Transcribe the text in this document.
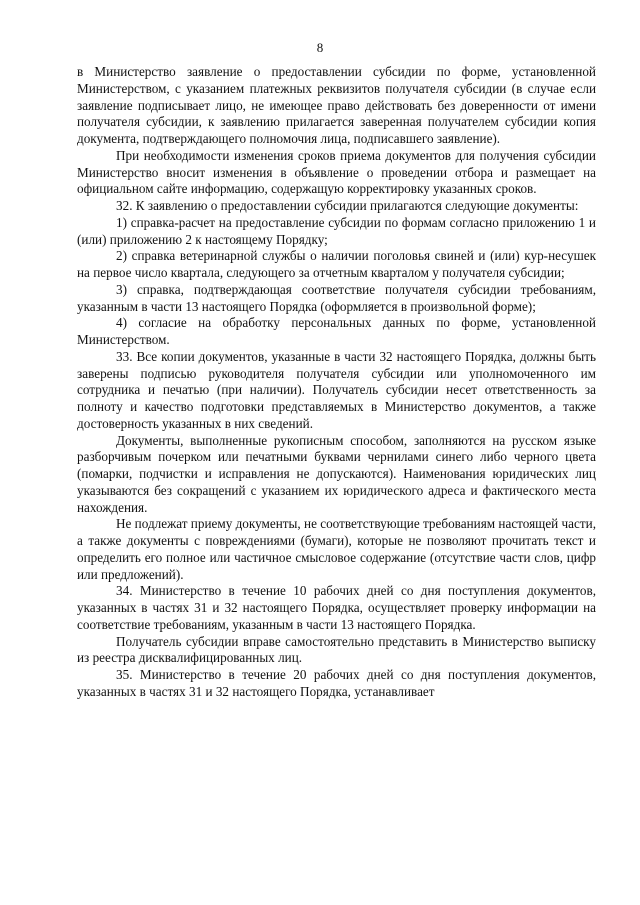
8

в Министерство заявление о предоставлении субсидии по форме, установленной Министерством, с указанием платежных реквизитов получателя субсидии (в случае если заявление подписывает лицо, не имеющее право действовать без доверенности от имени получателя субсидии, к заявлению прилагается заверенная получателем субсидии копия документа, подтверждающего полномочия лица, подписавшего заявление).

При необходимости изменения сроков приема документов для получения субсидии Министерство вносит изменения в объявление о проведении отбора и размещает на официальном сайте информацию, содержащую корректировку указанных сроков.

32. К заявлению о предоставлении субсидии прилагаются следующие документы:

1) справка-расчет на предоставление субсидии по формам согласно приложению 1 и (или) приложению 2 к настоящему Порядку;

2) справка ветеринарной службы о наличии поголовья свиней и (или) кур-несушек на первое число квартала, следующего за отчетным кварталом у получателя субсидии;

3) справка, подтверждающая соответствие получателя субсидии требованиям, указанным в части 13 настоящего Порядка (оформляется в произвольной форме);

4) согласие на обработку персональных данных по форме, установленной Министерством.

33. Все копии документов, указанные в части 32 настоящего Порядка, должны быть заверены подписью руководителя получателя субсидии или уполномоченного им сотрудника и печатью (при наличии). Получатель субсидии несет ответственность за полноту и качество подготовки представляемых в Министерство документов, а также достоверность указанных в них сведений.

Документы, выполненные рукописным способом, заполняются на русском языке разборчивым почерком или печатными буквами чернилами синего либо черного цвета (помарки, подчистки и исправления не допускаются). Наименования юридических лиц указываются без сокращений с указанием их юридического адреса и фактического места нахождения.

Не подлежат приему документы, не соответствующие требованиям настоящей части, а также документы с повреждениями (бумаги), которые не позволяют прочитать текст и определить его полное или частичное смысловое содержание (отсутствие части слов, цифр или предложений).

34. Министерство в течение 10 рабочих дней со дня поступления документов, указанных в частях 31 и 32 настоящего Порядка, осуществляет проверку информации на соответствие требованиям, указанным в части 13 настоящего Порядка.

Получатель субсидии вправе самостоятельно представить в Министерство выписку из реестра дисквалифицированных лиц.

35. Министерство в течение 20 рабочих дней со дня поступления документов, указанных в частях 31 и 32 настоящего Порядка, устанавливает
